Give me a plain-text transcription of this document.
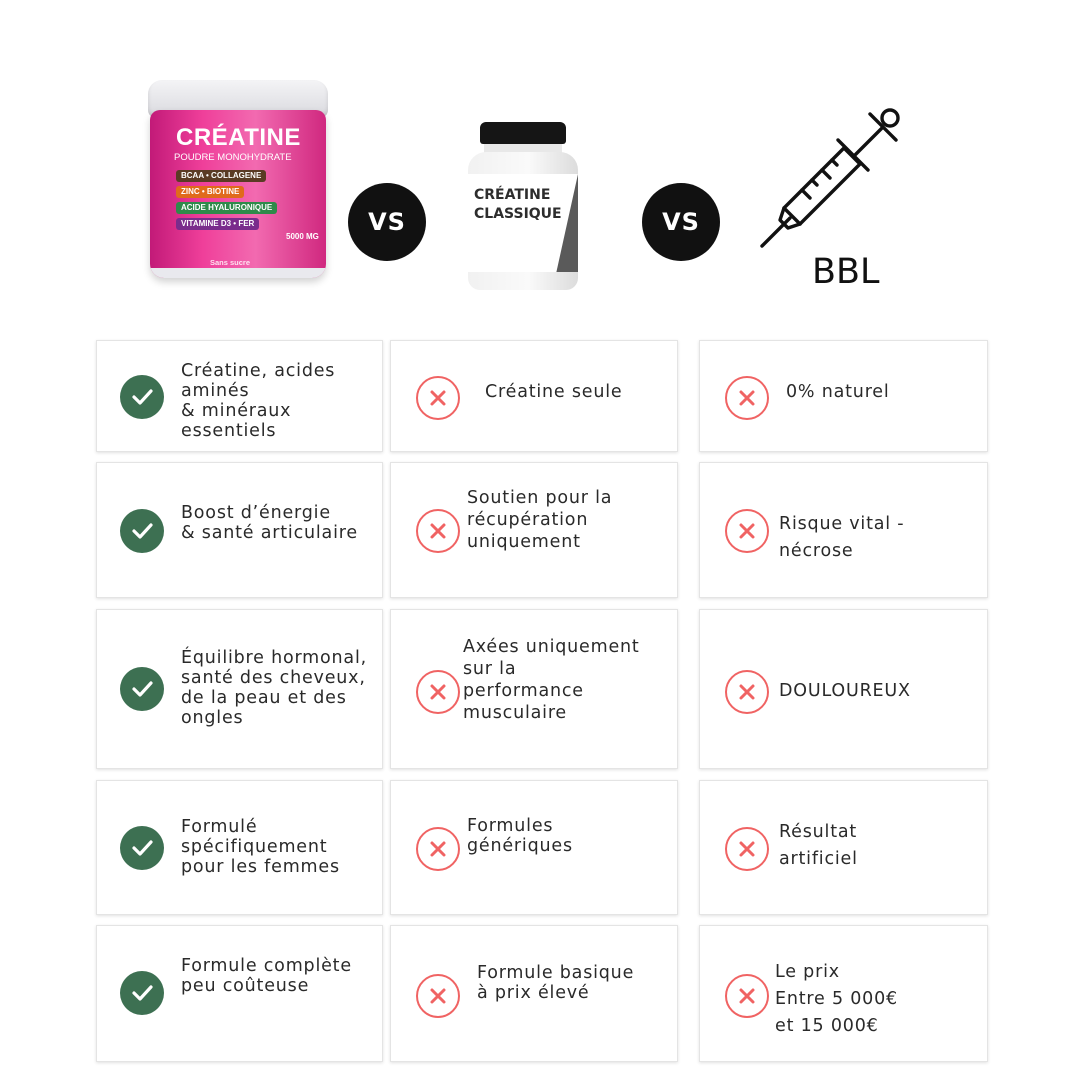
CRÉATINE
POUDRE MONOHYDRATE
BCAA • COLLAGENE
ZINC • BIOTINE
ACIDE HYALURONIQUE
VITAMINE D3 • FER
5000 MG
Sans sucre
VS
CRÉATINE
CLASSIQUE	VS
BBL
Créatine, acides
aminés
& minéraux
essentiels
Créatine seule	0% naturel
Boost d’énergie
& santé articulaire
Soutien pour la
récupération
uniquement
Risque vital -
nécrose
Équilibre hormonal,
santé des cheveux,
de la peau et des
ongles
Axées uniquement
sur la
performance
musculaire
DOULOUREUX
Formulé
spécifiquement
pour les femmes
Formules
génériques
Résultat
artificiel
Formule complète
peu coûteuse
Formule basique
à prix élevé
Le prix
Entre 5 000€
et 15 000€
